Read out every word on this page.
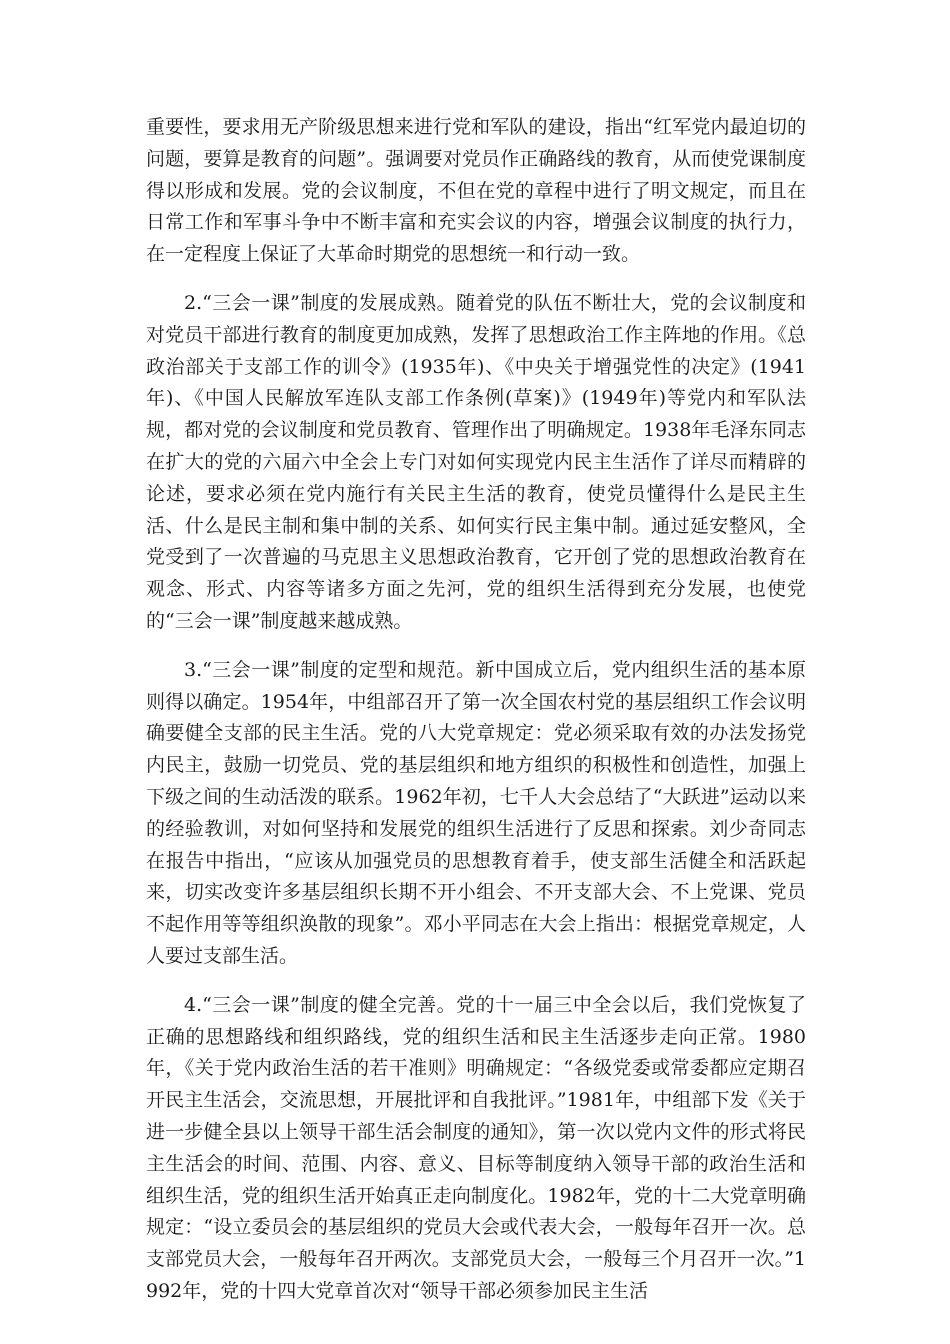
重要性，要求用无产阶级思想来进行党和军队的建设，指出“红军党内最迫切的问题，要算是教育的问题”。强调要对党员作正确路线的教育，从而使党课制度得以形成和发展。党的会议制度，不但在党的章程中进行了明文规定，而且在日常工作和军事斗争中不断丰富和充实会议的内容，增强会议制度的执行力，在一定程度上保证了大革命时期党的思想统一和行动一致。

2.“三会一课”制度的发展成熟。随着党的队伍不断壮大，党的会议制度和对党员干部进行教育的制度更加成熟，发挥了思想政治工作主阵地的作用。《总政治部关于支部工作的训令》(1935年)、《中央关于增强党性的决定》(1941年)、《中国人民解放军连队支部工作条例(草案)》(1949年)等党内和军队法规，都对党的会议制度和党员教育、管理作出了明确规定。1938年毛泽东同志在扩大的党的六届六中全会上专门对如何实现党内民主生活作了详尽而精辟的论述，要求必须在党内施行有关民主生活的教育，使党员懂得什么是民主生活、什么是民主制和集中制的关系、如何实行民主集中制。通过延安整风，全党受到了一次普遍的马克思主义思想政治教育，它开创了党的思想政治教育在观念、形式、内容等诸多方面之先河，党的组织生活得到充分发展，也使党的“三会一课”制度越来越成熟。

3.“三会一课”制度的定型和规范。新中国成立后，党内组织生活的基本原则得以确定。1954年，中组部召开了第一次全国农村党的基层组织工作会议明确要健全支部的民主生活。党的八大党章规定：党必须采取有效的办法发扬党内民主，鼓励一切党员、党的基层组织和地方组织的积极性和创造性，加强上下级之间的生动活泼的联系。1962年初，七千人大会总结了“大跃进”运动以来的经验教训，对如何坚持和发展党的组织生活进行了反思和探索。刘少奇同志在报告中指出，“应该从加强党员的思想教育着手，使支部生活健全和活跃起来，切实改变许多基层组织长期不开小组会、不开支部大会、不上党课、党员不起作用等等组织涣散的现象”。邓小平同志在大会上指出：根据党章规定，人人要过支部生活。

4.“三会一课”制度的健全完善。党的十一届三中全会以后，我们党恢复了正确的思想路线和组织路线，党的组织生活和民主生活逐步走向正常。1980年，《关于党内政治生活的若干准则》明确规定：“各级党委或常委都应定期召开民主生活会，交流思想，开展批评和自我批评。”1981年，中组部下发《关于进一步健全县以上领导干部生活会制度的通知》，第一次以党内文件的形式将民主生活会的时间、范围、内容、意义、目标等制度纳入领导干部的政治生活和组织生活，党的组织生活开始真正走向制度化。1982年，党的十二大党章明确规定：“设立委员会的基层组织的党员大会或代表大会，一般每年召开一次。总支部党员大会，一般每年召开两次。支部党员大会，一般每三个月召开一次。”1992年，党的十四大党章首次对“领导干部必须参加民主生活
